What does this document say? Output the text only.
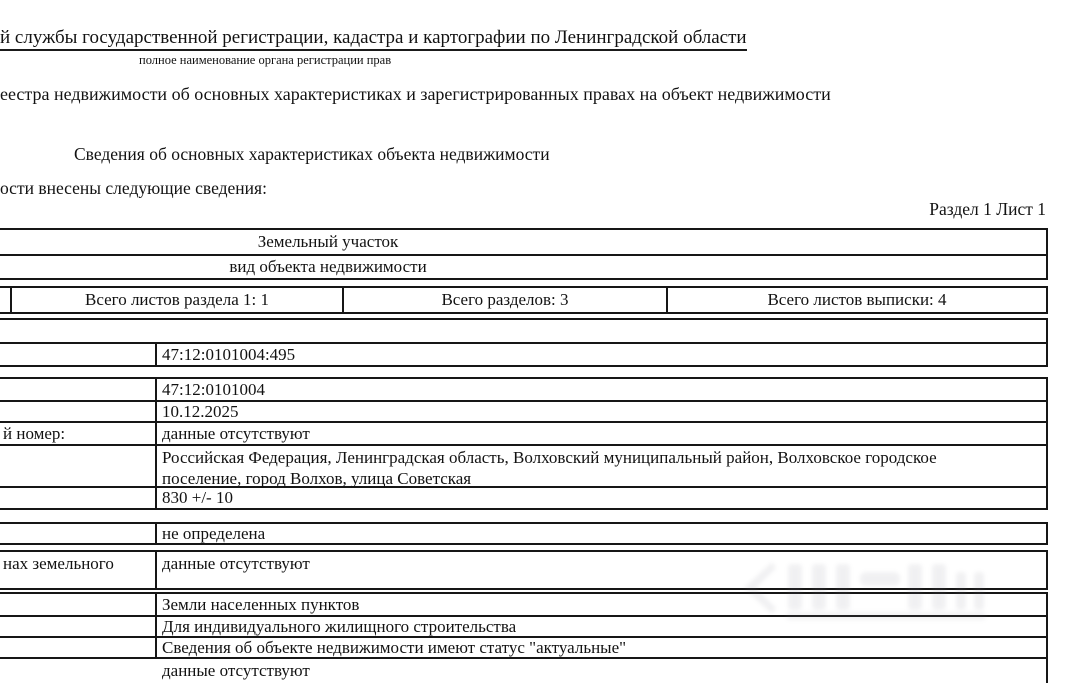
й службы государственной регистрации, кадастра и картографии по Ленинградской области
полное наименование органа регистрации прав
еестра недвижимости об основных характеристиках и зарегистрированных правах на объект недвижимости
Сведения об основных характеристиках объекта недвижимости
ости внесены следующие сведения:
Раздел 1 Лист 1
Земельный участок
вид объекта недвижимости
Всего листов раздела 1: 1	Всего разделов: 3	Всего листов выписки: 4
47:12:0101004:495
47:12:0101004
10.12.2025
й номер:	данные отсутствуют
Российская Федерация, Ленинградская область, Волховский муниципальный район, Волховское городское поселение, город Волхов, улица Советская
830 +/- 10
не определена
нах земельного	данные отсутствуют
Земли населенных пунктов
Для индивидуального жилищного строительства
Сведения об объекте недвижимости имеют статус "актуальные"
данные отсутствуют
